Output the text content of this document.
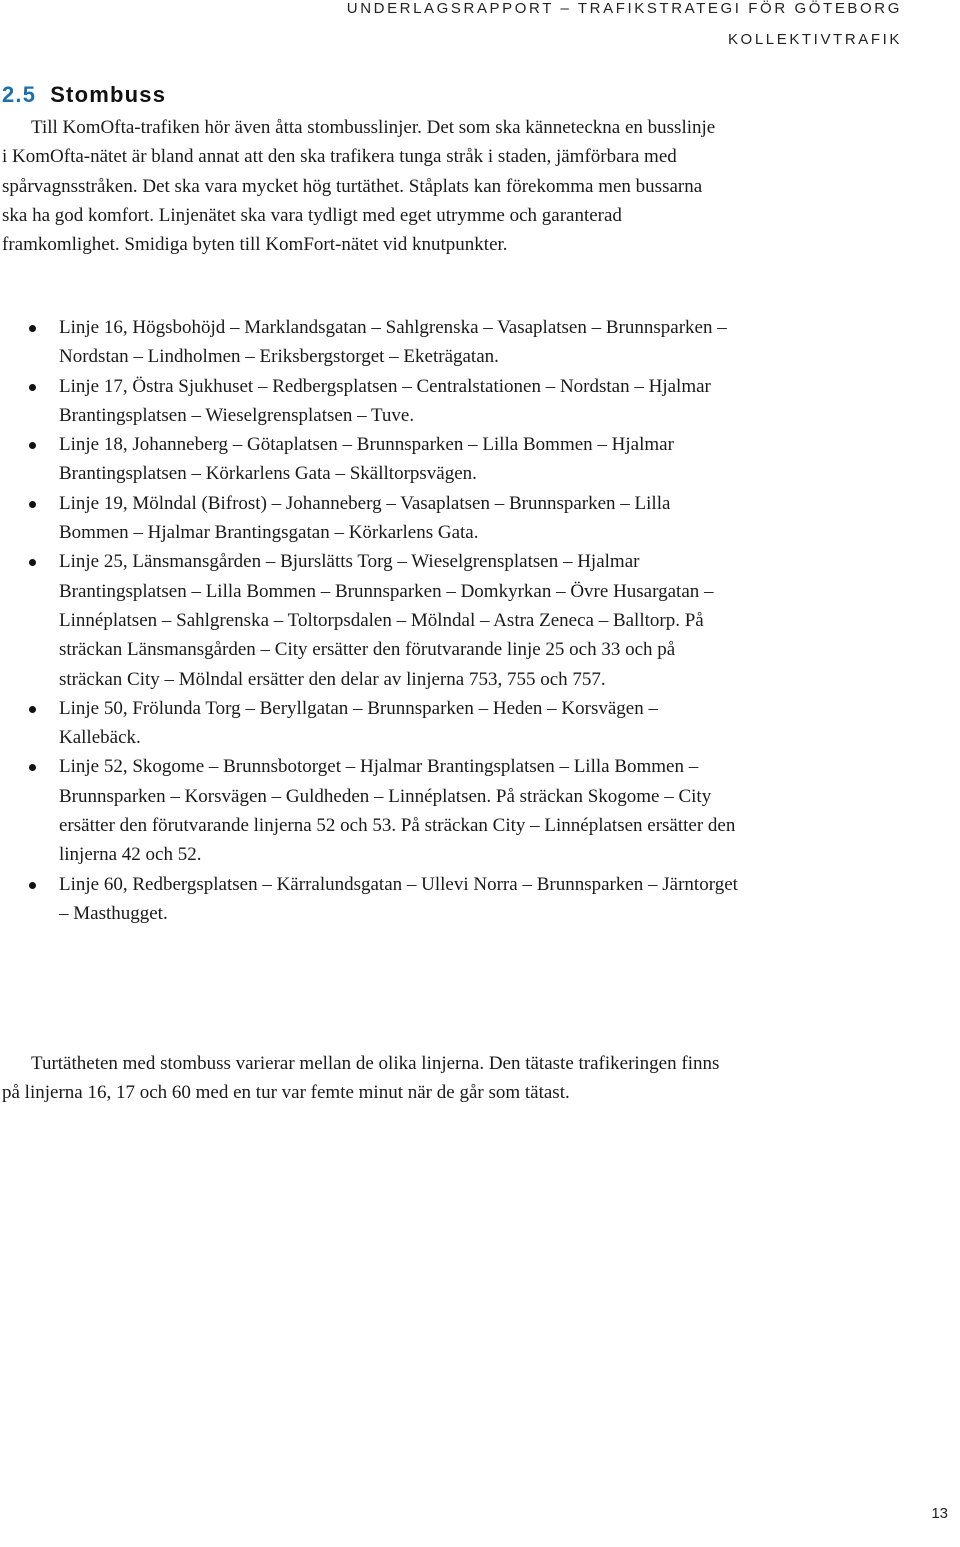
UNDERLAGSRAPPORT – TRAFIKSTRATEGI FÖR GÖTEBORG
KOLLEKTIVTRAFIK
2.5 Stombuss

Till KomOfta-trafiken hör även åtta stombusslinjer. Det som ska känneteckna en busslinje i KomOfta-nätet är bland annat att den ska trafikera tunga stråk i staden, jämförbara med spårvagnsstråken. Det ska vara mycket hög turtäthet. Ståplats kan förekomma men bussarna ska ha god komfort. Linjenätet ska vara tydligt med eget utrymme och garanterad framkomlighet. Smidiga byten till KomFort-nätet vid knutpunkter.

Linje 16, Högsbohöjd – Marklandsgatan – Sahlgrenska – Vasaplatsen – Brunnsparken – Nordstan – Lindholmen – Eriksbergstorget – Eketrägatan.
Linje 17, Östra Sjukhuset – Redbergsplatsen – Centralstationen – Nordstan – Hjalmar Brantingsplatsen – Wieselgrensplatsen – Tuve.
Linje 18, Johanneberg – Götaplatsen – Brunnsparken – Lilla Bommen – Hjalmar Brantingsplatsen – Körkarlens Gata – Skälltorpsvägen.
Linje 19, Mölndal (Bifrost) – Johanneberg – Vasaplatsen – Brunnsparken – Lilla Bommen – Hjalmar Brantingsgatan – Körkarlens Gata.
Linje 25, Länsmansgården – Bjurslätts Torg – Wieselgrensplatsen – Hjalmar Brantingsplatsen – Lilla Bommen – Brunnsparken – Domkyrkan – Övre Husargatan – Linnéplatsen – Sahlgrenska – Toltorpsdalen – Mölndal – Astra Zeneca – Balltorp. På sträckan Länsmansgården – City ersätter den förutvarande linje 25 och 33 och på sträckan City – Mölndal ersätter den delar av linjerna 753, 755 och 757.
Linje 50, Frölunda Torg – Beryllgatan – Brunnsparken – Heden – Korsvägen – Kallebäck.
Linje 52, Skogome – Brunnsbotorget – Hjalmar Brantingsplatsen – Lilla Bommen – Brunnsparken – Korsvägen – Guldheden – Linnéplatsen. På sträckan Skogome – City ersätter den förutvarande linjerna 52 och 53. På sträckan City – Linnéplatsen ersätter den linjerna 42 och 52.
Linje 60, Redbergsplatsen – Kärralundsgatan – Ullevi Norra – Brunnsparken – Järntorget – Masthugget.

Turtätheten med stombuss varierar mellan de olika linjerna. Den tätaste trafikeringen finns på linjerna 16, 17 och 60 med en tur var femte minut när de går som tätast.

13
